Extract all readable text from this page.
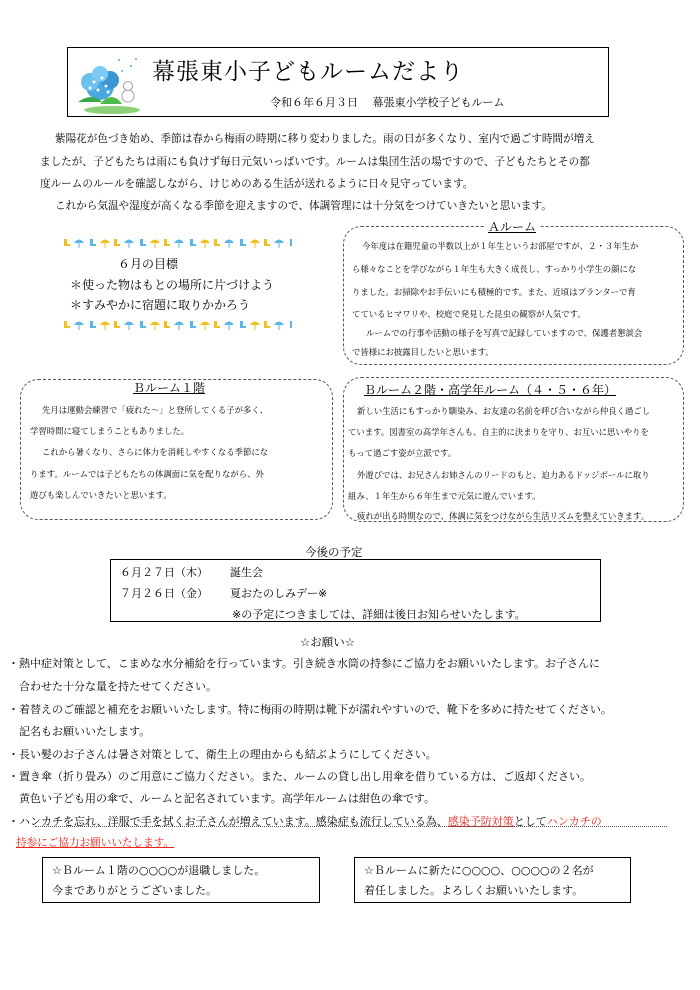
幕張東小子どもルームだより
令和６年６月３日　 幕張東小学校子どもルーム
紫陽花が色づき始め、季節は春から梅雨の時期に移り変わりました。雨の日が多くなり、室内で過ごす時間が増え
ましたが、子どもたちは雨にも負けず毎日元気いっぱいです。ルームは集団生活の場ですので、子どもたちとその都
度ルームのルールを確認しながら、けじめのある生活が送れるように日々見守っています。
これから気温や湿度が高くなる季節を迎えますので、体調管理には十分気をつけていきたいと思います。
６月の目標
＊使った物はもとの場所に片づけよう
＊すみやかに宿題に取りかかろう
Ａルーム
今年度は在籍児童の半数以上が１年生というお部屋ですが、２・３年生か
ら様々なことを学びながら１年生も大きく成長し、すっかり小学生の顔にな
りました。お掃除やお手伝いにも積極的です。また、近頃はプランターで育
てているヒマワリや、校庭で発見した昆虫の観察が人気です。
ルームでの行事や活動の様子を写真で記録していますので、保護者懇談会
で皆様にお披露目したいと思います。
Ｂルーム１階
先月は運動会練習で「疲れた～」と登所してくる子が多く、
学習時間に寝てしまうこともありました。
これから暑くなり、さらに体力を消耗しやすくなる季節にな
ります。ルームでは子どもたちの体調面に気を配りながら、外
遊びも楽しんでいきたいと思います。
Ｂルーム２階・高学年ルーム（４・５・６年）
新しい生活にもすっかり馴染み、お友達の名前を呼び合いながら仲良く過ごし
ています。図書室の高学年さんも、自主的に決まりを守り、お互いに思いやりを
もって過ごす姿が立派です。
外遊びでは、お兄さんお姉さんのリードのもと、迫力あるドッジボールに取り
組み、１年生から６年生まで元気に遊んでいます。
疲れが出る時期なので、体調に気をつけながら生活リズムを整えていきます。
今後の予定
６月２７日（木） 誕生会
７月２６日（金） 夏おたのしみデー※
※の予定につきましては、詳細は後日お知らせいたします。
☆お願い☆
・熱中症対策として、こまめな水分補給を行っています。引き続き水筒の持参にご協力をお願いいたします。お子さんに
　合わせた十分な量を持たせてください。
・着替えのご確認と補充をお願いいたします。特に梅雨の時期は靴下が濡れやすいので、靴下を多めに持たせてください。
　記名もお願いいたします。
・長い髪のお子さんは暑さ対策として、衛生上の理由からも結ぶようにしてください。
・置き傘（折り畳み）のご用意にご協力ください。また、ルームの貸し出し用傘を借りている方は、ご返却ください。
　黄色い子ども用の傘で、ルームと記名されています。高学年ルームは紺色の傘です。
・ハンカチを忘れ、洋服で手を拭くお子さんが増えています。感染症も流行している為、感染予防対策としてハンカチの
持参にご協力お願いいたします。
☆Ｂルーム１階の○○○○が退職しました。
今までありがとうございました。
☆Ｂルームに新たに○○○○、○○○○の２名が
着任しました。よろしくお願いいたします。
